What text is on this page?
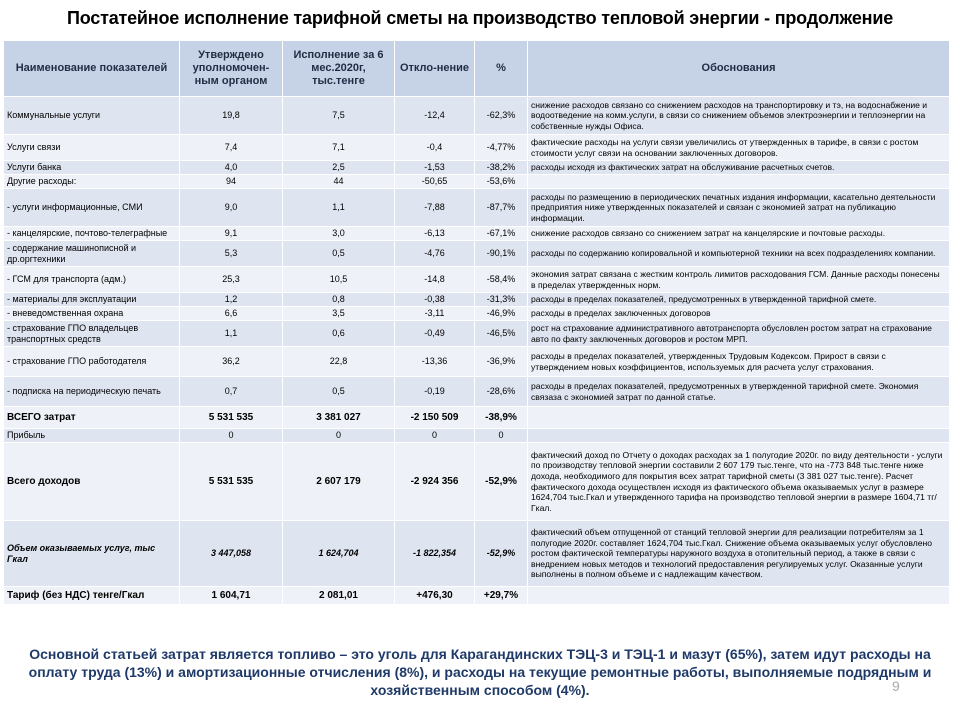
Постатейное исполнение тарифной сметы на производство тепловой энергии - продолжение
Наименование показателей	Утверждено уполномочен-ным органом	Исполнение за 6 мес.2020г, тыс.тенге	Откло-нение	%	Обоснования
Коммунальные услуги	19,8	7,5	-12,4	-62,3%	снижение расходов связано со снижением расходов на транспортировку и тэ, на водоснабжение и водоотведение на комм.услуги, в связи со снижением объемов электроэнергии и теплоэнергии на собственные нужды Офиса.
Услуги связи	7,4	7,1	-0,4	-4,77%	фактические расходы на услуги связи увеличились от утвержденных в тарифе, в связи с ростом стоимости услуг связи на основании заключенных договоров.
Услуги банка	4,0	2,5	-1,53	-38,2%	расходы исходя из фактических затрат на обслуживание расчетных счетов.
Другие расходы:	94	44	-50,65	-53,6%	
- услуги информационные, СМИ	9,0	1,1	-7,88	-87,7%	расходы по размещению в периодических печатных издания информации, касательно деятельности предприятия ниже утвержденных показателей и связан с экономией затрат на публикацию информации.
- канцелярские, почтово-телеграфные	9,1	3,0	-6,13	-67,1%	снижение расходов связано со снижением затрат на канцелярские и почтовые расходы.
- содержание машинописной и др.оргтехники	5,3	0,5	-4,76	-90,1%	расходы по содержанию копировальной и компьютерной техники на всех подразделениях компании.
- ГСМ для транспорта (адм.)	25,3	10,5	-14,8	-58,4%	экономия затрат связана с жестким контроль лимитов расходования ГСМ. Данные расходы понесены в пределах утвержденных норм.
- материалы для эксплуатации	1,2	0,8	-0,38	-31,3%	расходы в пределах показателей, предусмотренных в утвержденной тарифной смете.
- вневедомственная охрана	6,6	3,5	-3,11	-46,9%	расходы в пределах заключенных договоров
- страхование ГПО владельцев транспортных средств	1,1	0,6	-0,49	-46,5%	рост на страхование административного автотранспорта обусловлен ростом затрат на страхование авто по факту заключенных договоров и ростом МРП.
- страхование ГПО работодателя	36,2	22,8	-13,36	-36,9%	расходы в пределах показателей, утвержденных Трудовым Кодексом. Прирост в связи с утверждением новых коэффициентов, используемых для расчета услуг страхования.
- подписка на периодическую печать	0,7	0,5	-0,19	-28,6%	расходы в пределах показателей, предусмотренных в утвержденной тарифной смете. Экономия связаза с экономией затрат по данной статье.
ВСЕГО затрат	5 531 535	3 381 027	-2 150 509	-38,9%	
Прибыль	0	0	0	0	
Всего доходов	5 531 535	2 607 179	-2 924 356	-52,9%	фактический доход по Отчету о доходах расходах за 1 полугодие 2020г. по виду деятельности - услуги по производству тепловой энергии составили 2 607 179 тыс.тенге, что на -773 848 тыс.тенге ниже дохода, необходимого для покрытия всех затрат тарифной сметы (3 381 027 тыс.тенге). Расчет фактического дохода осуществлен исходя из фактического объема оказываемых услуг в размере 1624,704 тыс.Гкал и утвержденного тарифа на производство тепловой энергии в размере 1604,71 тг/Гкал.
Объем оказываемых услуг, тыс Гкал	3 447,058	1 624,704	-1 822,354	-52,9%	фактический объем отпущенной от станций тепловой энергии для реализации потребителям за 1 полугодие 2020г. составляет 1624,704 тыс.Гкал. Снижение объема оказываемых услуг обусловлено ростом фактической температуры наружного воздуха в отопительный период, а также в связи с внедрением новых методов и технологий предоставления регулируемых услуг. Оказанные услуги выполнены в полном объеме и с надлежащим качеством.
Тариф (без НДС) тенге/Гкал	1 604,71	2 081,01	+476,30	+29,7%	
Основной статьей затрат является топливо – это уголь для Карагандинских ТЭЦ-3 и ТЭЦ-1 и мазут (65%), затем идут расходы на оплату труда (13%) и амортизационные отчисления (8%), и расходы на текущие ремонтные работы, выполняемые подрядным и хозяйственным способом (4%).	9
